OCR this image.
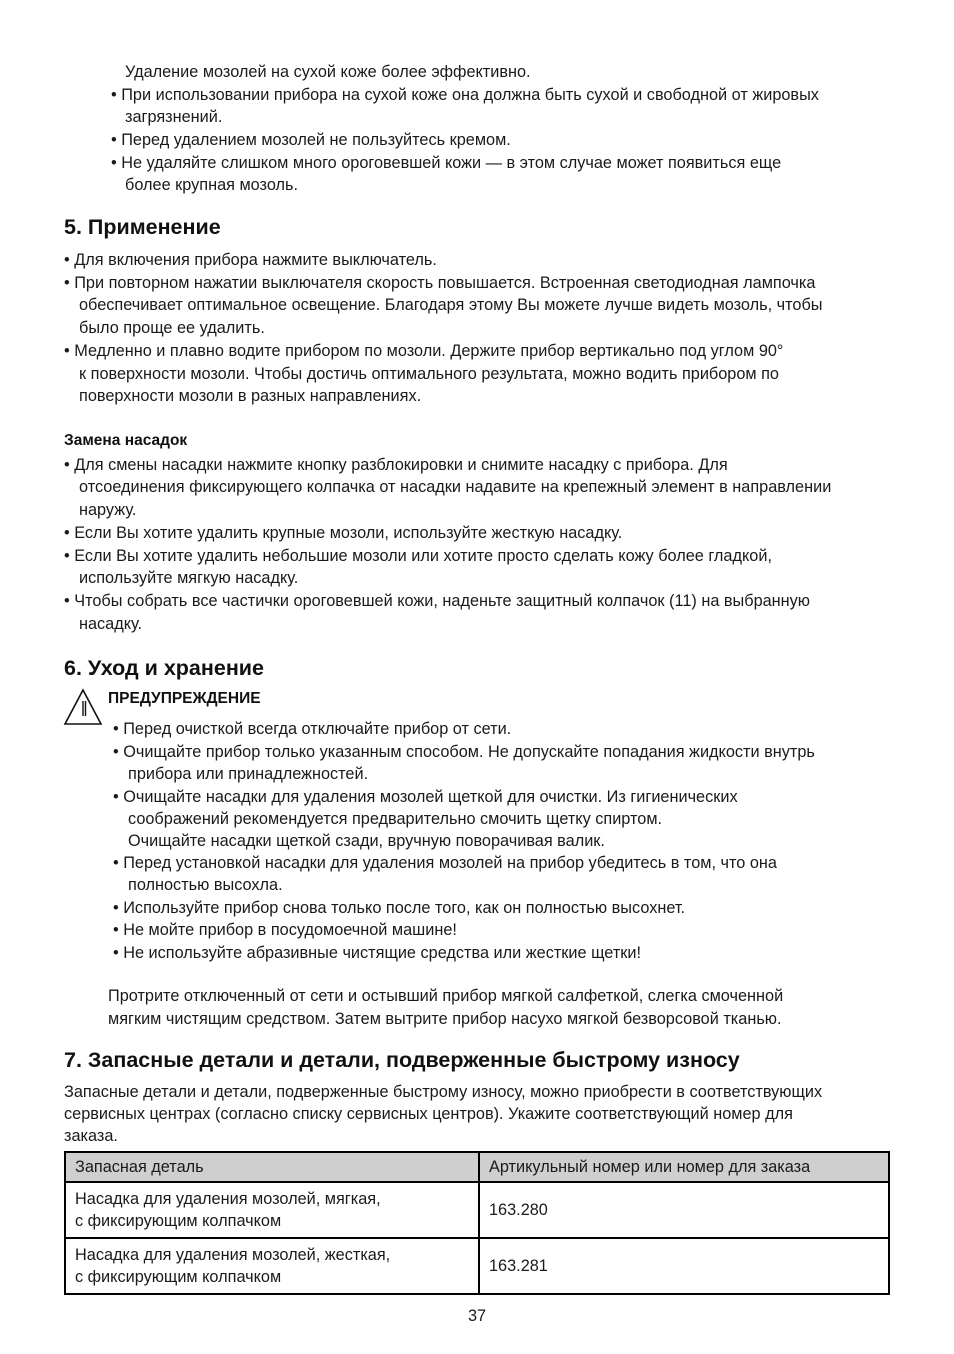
Удаление мозолей на сухой коже более эффективно.
• При использовании прибора на сухой коже она должна быть сухой и свободной от жировых
загрязнений.
• Перед удалением мозолей не пользуйтесь кремом.
• Не удаляйте слишком много ороговевшей кожи — в этом случае может появиться еще
более крупная мозоль.
5. Применение
• Для включения прибора нажмите выключатель.
• При повторном нажатии выключателя скорость повышается. Встроенная светодиодная лампочка
обеспечивает оптимальное освещение. Благодаря этому Вы можете лучше видеть мозоль, чтобы
было проще ее удалить.
• Медленно и плавно водите прибором по мозоли. Держите прибор вертикально под углом 90°
к поверхности мозоли. Чтобы достичь оптимального результата, можно водить прибором по
поверхности мозоли в разных направлениях.
Замена насадок
• Для смены насадки нажмите кнопку разблокировки и снимите насадку с прибора. Для
отсоединения фиксирующего колпачка от насадки надавите на крепежный элемент в направлении
наружу.
• Если Вы хотите удалить крупные мозоли, используйте жесткую насадку.
• Если Вы хотите удалить небольшие мозоли или хотите просто сделать кожу более гладкой,
используйте мягкую насадку.
• Чтобы собрать все частички ороговевшей кожи, наденьте защитный колпачок (11) на выбранную
насадку.
6. Уход и хранение
ПРЕДУПРЕЖДЕНИЕ
• Перед очисткой всегда отключайте прибор от сети.
• Очищайте прибор только указанным способом. Не допускайте попадания жидкости внутрь
прибора или принадлежностей.
• Очищайте насадки для удаления мозолей щеткой для очистки. Из гигиенических
соображений рекомендуется предварительно смочить щетку спиртом.
Очищайте насадки щеткой сзади, вручную поворачивая валик.
• Перед установкой насадки для удаления мозолей на прибор убедитесь в том, что она
полностью высохла.
• Используйте прибор снова только после того, как он полностью высохнет.
• Не мойте прибор в посудомоечной машине!
• Не используйте абразивные чистящие средства или жесткие щетки!
Протрите отключенный от сети и остывший прибор мягкой салфеткой, слегка смоченной
мягким чистящим средством. Затем вытрите прибор насухо мягкой безворсовой тканью.
7. Запасные детали и детали, подверженные быстрому износу
Запасные детали и детали, подверженные быстрому износу, можно приобрести в соответствующих
сервисных центрах (согласно списку сервисных центров). Укажите соответствующий номер для
заказа.
Запасная деталь	Артикульный номер или номер для заказа

Насадка для удаления мозолей, мягкая,
с фиксирующим колпачком	163.280

Насадка для удаления мозолей, жесткая,
с фиксирующим колпачком	163.281
37
